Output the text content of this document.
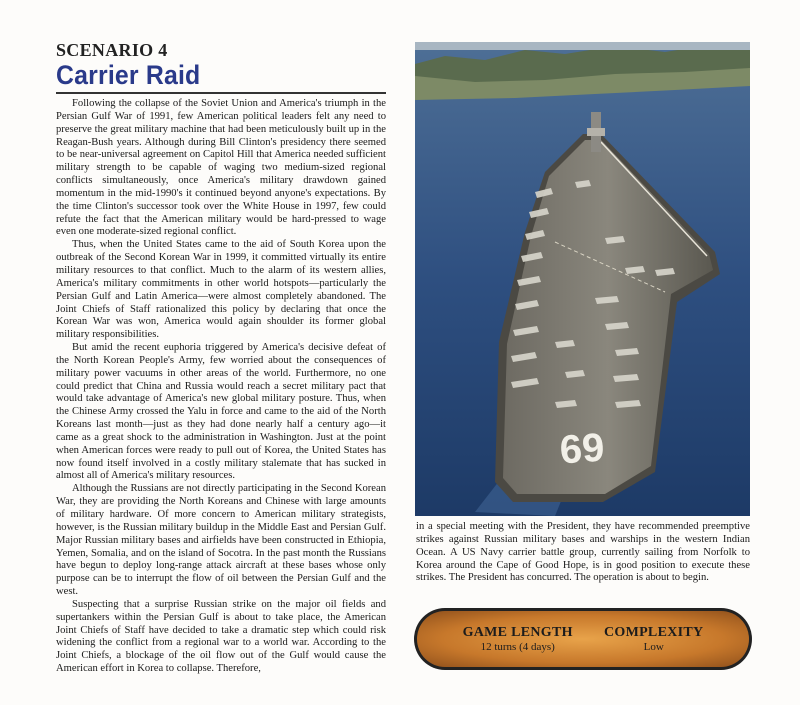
SCENARIO 4
Carrier Raid

Following the collapse of the Soviet Union and America's triumph in the Persian Gulf War of 1991, few American political leaders felt any need to preserve the great military machine that had been meticulously built up in the Reagan-Bush years. Although during Bill Clinton's presidency there seemed to be near-universal agreement on Capitol Hill that America needed sufficient military strength to be capable of waging two medium-sized regional conflicts simultaneously, once America's military drawdown gained momentum in the mid-1990's it continued beyond anyone's expectations. By the time Clinton's successor took over the White House in 1997, few could refute the fact that the American military would be hard-pressed to wage even one moderate-sized regional conflict.

Thus, when the United States came to the aid of South Korea upon the outbreak of the Second Korean War in 1999, it committed virtually its entire military resources to that conflict. Much to the alarm of its western allies, America's military commitments in other world hotspots—particularly the Persian Gulf and Latin America—were almost completely abandoned. The Joint Chiefs of Staff rationalized this policy by declaring that once the Korean War was won, America would again shoulder its former global military responsibilities.

But amid the recent euphoria triggered by America's decisive defeat of the North Korean People's Army, few worried about the consequences of military power vacuums in other areas of the world. Furthermore, no one could predict that China and Russia would reach a secret military pact that would take advantage of America's new global military posture. Thus, when the Chinese Army crossed the Yalu in force and came to the aid of the North Koreans last month—just as they had done nearly half a century ago—it came as a great shock to the administration in Washington. Just at the point when American forces were ready to pull out of Korea, the United States has now found itself involved in a costly military stalemate that has sucked in almost all of America's military resources.

Although the Russians are not directly participating in the Second Korean War, they are providing the North Koreans and Chinese with large amounts of military hardware. Of more concern to American military strategists, however, is the Russian military buildup in the Middle East and Persian Gulf. Major Russian military bases and airfields have been constructed in Ethiopia, Yemen, Somalia, and on the island of Socotra. In the past month the Russians have begun to deploy long-range attack aircraft at these bases whose only purpose can be to interrupt the flow of oil between the Persian Gulf and the west.

Suspecting that a surprise Russian strike on the major oil fields and supertankers within the Persian Gulf is about to take place, the American Joint Chiefs of Staff have decided to take a dramatic step which could risk widening the conflict from a regional war to a world war. According to the Joint Chiefs, a blockage of the oil flow out of the Gulf would cause the American effort in Korea to collapse. Therefore,

69

in a special meeting with the President, they have recommended preemptive strikes against Russian military bases and warships in the western Indian Ocean. A US Navy carrier battle group, currently sailing from Norfolk to Korea around the Cape of Good Hope, is in good position to execute these strikes. The President has concurred. The operation is about to begin.

GAME LENGTH
12 turns (4 days)
COMPLEXITY
Low
